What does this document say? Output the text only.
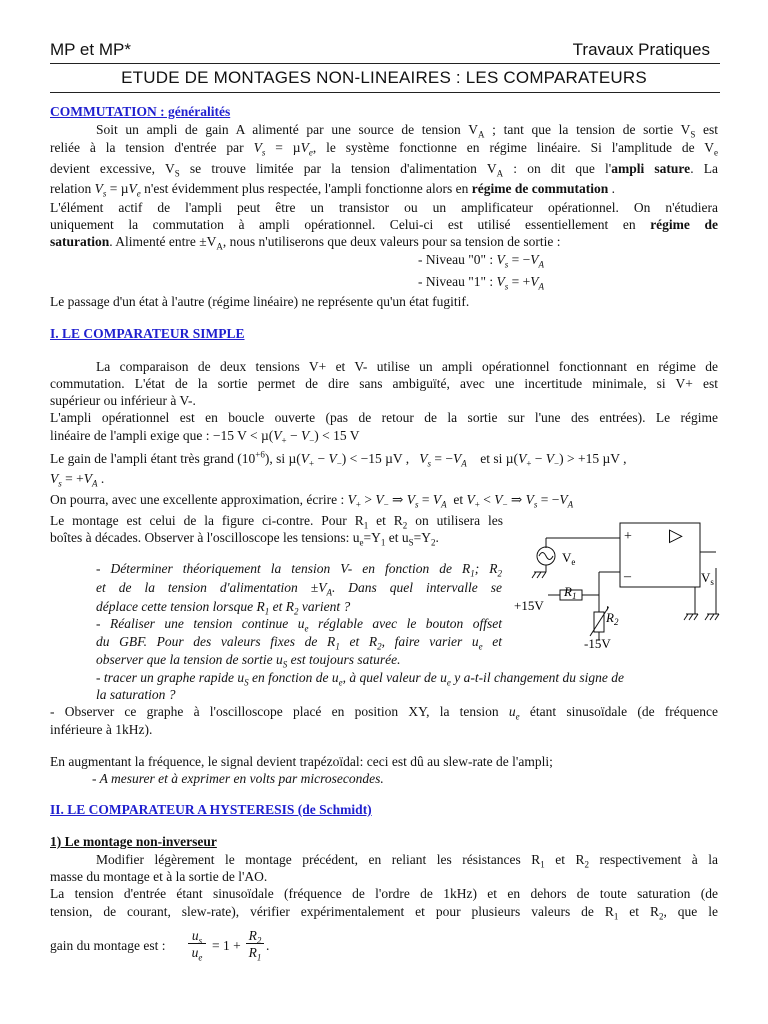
MP et MP*	Travaux Pratiques
ETUDE DE MONTAGES NON-LINEAIRES : LES COMPARATEURS
COMMUTATION : généralités
Soit un ampli de gain A alimenté par une source de tension $V_A$ ; tant que la tension de sortie $V_S$ est
reliée à la tension d'entrée par $V_s = \mu V_e$, le système fonctionne en régime linéaire. Si l'amplitude de $V_e$
devient excessive, $V_S$ se trouve limitée par la tension d'alimentation $V_A$ : on dit que l'ampli sature. La
relation $V_s = \mu V_e$ n'est évidemment plus respectée, l'ampli fonctionne alors en régime de commutation .
L'élément actif de l'ampli peut être un transistor ou un amplificateur opérationnel. On n'étudiera
uniquement la commutation à ampli opérationnel. Celui-ci est utilisé essentiellement en régime de
saturation. Alimenté entre $\pm V_A$, nous n'utiliserons que deux valeurs pour sa tension de sortie :
- Niveau "0" : $V_s = -V_A$
- Niveau "1" : $V_s = +V_A$
Le passage d'un état à l'autre (régime linéaire) ne représente qu'un état fugitif.
I. LE COMPARATEUR SIMPLE
La comparaison de deux tensions V+ et V- utilise un ampli opérationnel fonctionnant en régime de
commutation. L'état de la sortie permet de dire sans ambiguïté, avec une incertitude minimale, si V+ est
supérieur ou inférieur à V-.
L'ampli opérationnel est en boucle ouverte (pas de retour de la sortie sur l'une des entrées). Le régime
linéaire de l'ampli exige que : −15 $V < \mu(V_+ - V_-) < 15$ V
Le gain de l'ampli étant très grand $(10^{+6})$, si $\mu(V_+ - V_-) < -15$ µV ,   $V_s = -V_A$ et si $\mu(V_+ - V_-) > +15$ µV ,
$V_s = +V_A$ .
On pourra, avec une excellente approximation, écrire : $V_+ > V_-$ ⇒ $V_s = V_A$ et $V_+ < V_-$ ⇒ $V_s = -V_A$
Le montage est celui de la figure ci-contre. Pour $R_1$ et $R_2$ on utilisera les
boîtes à décades. Observer à l'oscilloscope les tensions: $u_e=Y_1$ et $u_S=Y_2$.
- Déterminer théoriquement la tension V- en fonction de $R_1$; $R_2$
et de la tension d'alimentation $\pm V_A$. Dans quel intervalle se
déplace cette tension lorsque $R_1$ et $R_2$ varient ?
- Réaliser une tension continue $u_e$ réglable avec le bouton offset
du GBF. Pour des valeurs fixes de $R_1$ et $R_2$, faire varier $u_e$ et
observer que la tension de sortie $u_S$ est toujours saturée.
- tracer un graphe rapide $u_S$ en fonction de $u_e$, à quel valeur de $u_e$ y a-t-il changement du signe de
la saturation ?
- Observer ce graphe à l'oscilloscope placé en position XY, la tension $u_e$ étant sinusoïdale (de fréquence
inférieure à 1kHz).
En augmentant la fréquence, le signal devient trapézoïdal: ceci est dû au slew-rate de l'ampli;
- A mesurer et à exprimer en volts par microsecondes.
II. LE COMPARATEUR A HYSTERESIS (de Schmidt)
1) Le montage non-inverseur
Modifier légèrement le montage précédent, en reliant les résistances $R_1$ et $R_2$ respectivement à la
masse du montage et à la sortie de l'AO.
La tension d'entrée étant sinusoïdale (fréquence de l'ordre de 1kHz) et en dehors de toute saturation (de
tension, de courant, slew-rate), vérifier expérimentalement et pour plusieurs valeurs de $R_1$ et $R_2$, que le
gain du montage est :
$u_s$
$u_e$
= 1 +
$R_2$
$R_1$
.
+
–
▷
$V_e$
$V_s$
$R_1$
$R_2$
+15V
-15V
